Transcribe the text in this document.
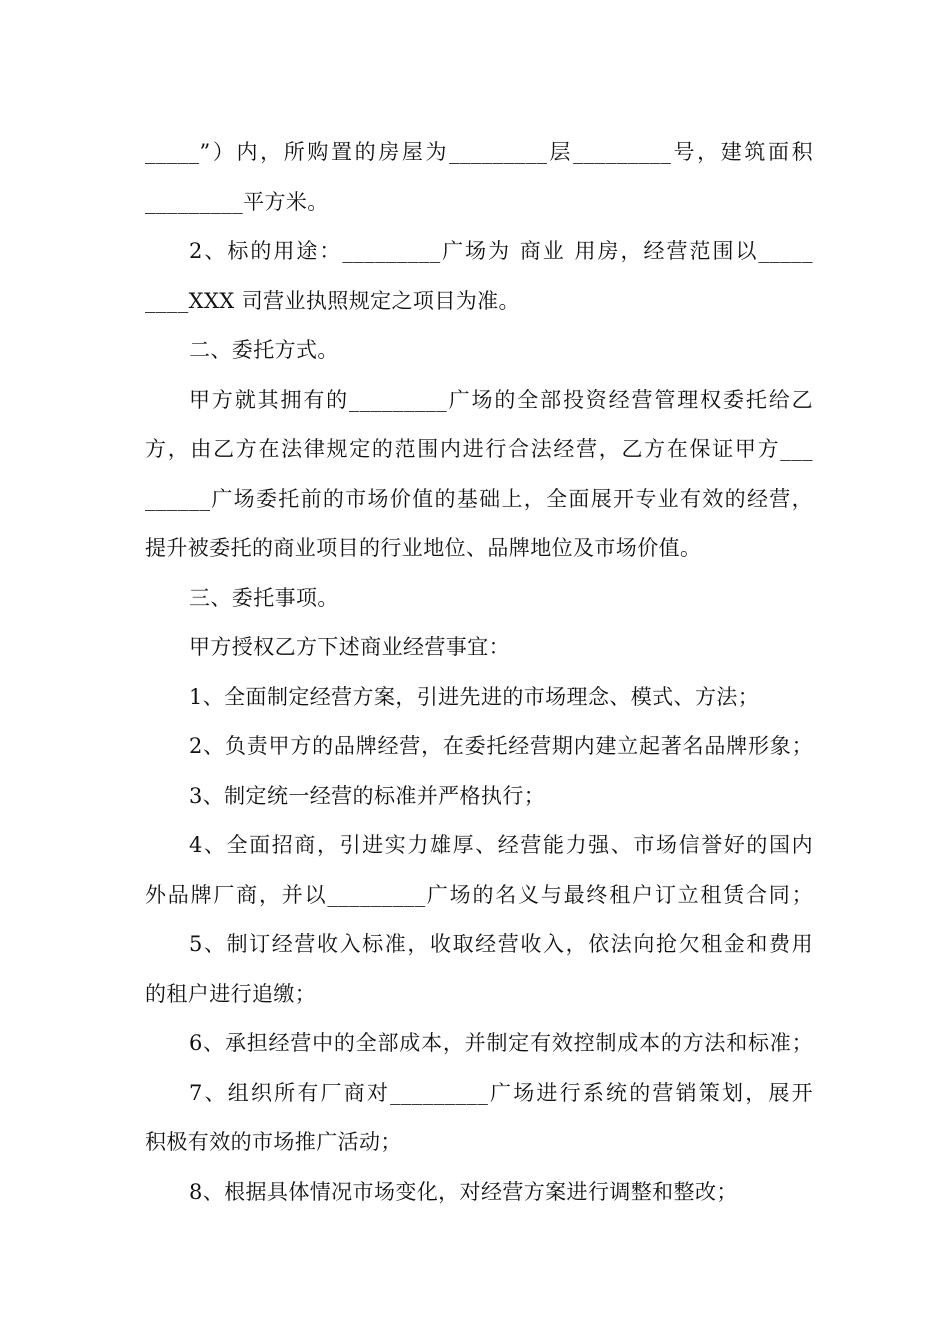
_____”）内，所购置的房屋为_________层_________号，建筑面积
_________平方米。
2、标的用途：_________广场为 商业 用房，经营范围以_____
____XXX 司营业执照规定之项目为准。
二、委托方式。
甲方就其拥有的_________广场的全部投资经营管理权委托给乙
方，由乙方在法律规定的范围内进行合法经营，乙方在保证甲方___
______广场委托前的市场价值的基础上，全面展开专业有效的经营，
提升被委托的商业项目的行业地位、品牌地位及市场价值。
三、委托事项。
甲方授权乙方下述商业经营事宜：
1、全面制定经营方案，引进先进的市场理念、模式、方法；
2、负责甲方的品牌经营，在委托经营期内建立起著名品牌形象；
3、制定统一经营的标准并严格执行；
4、全面招商，引进实力雄厚、经营能力强、市场信誉好的国内
外品牌厂商，并以_________广场的名义与最终租户订立租赁合同；
5、制订经营收入标准，收取经营收入，依法向抢欠租金和费用
的租户进行追缴；
6、承担经营中的全部成本，并制定有效控制成本的方法和标准；
7、组织所有厂商对_________广场进行系统的营销策划，展开
积极有效的市场推广活动；
8、根据具体情况市场变化，对经营方案进行调整和整改；
